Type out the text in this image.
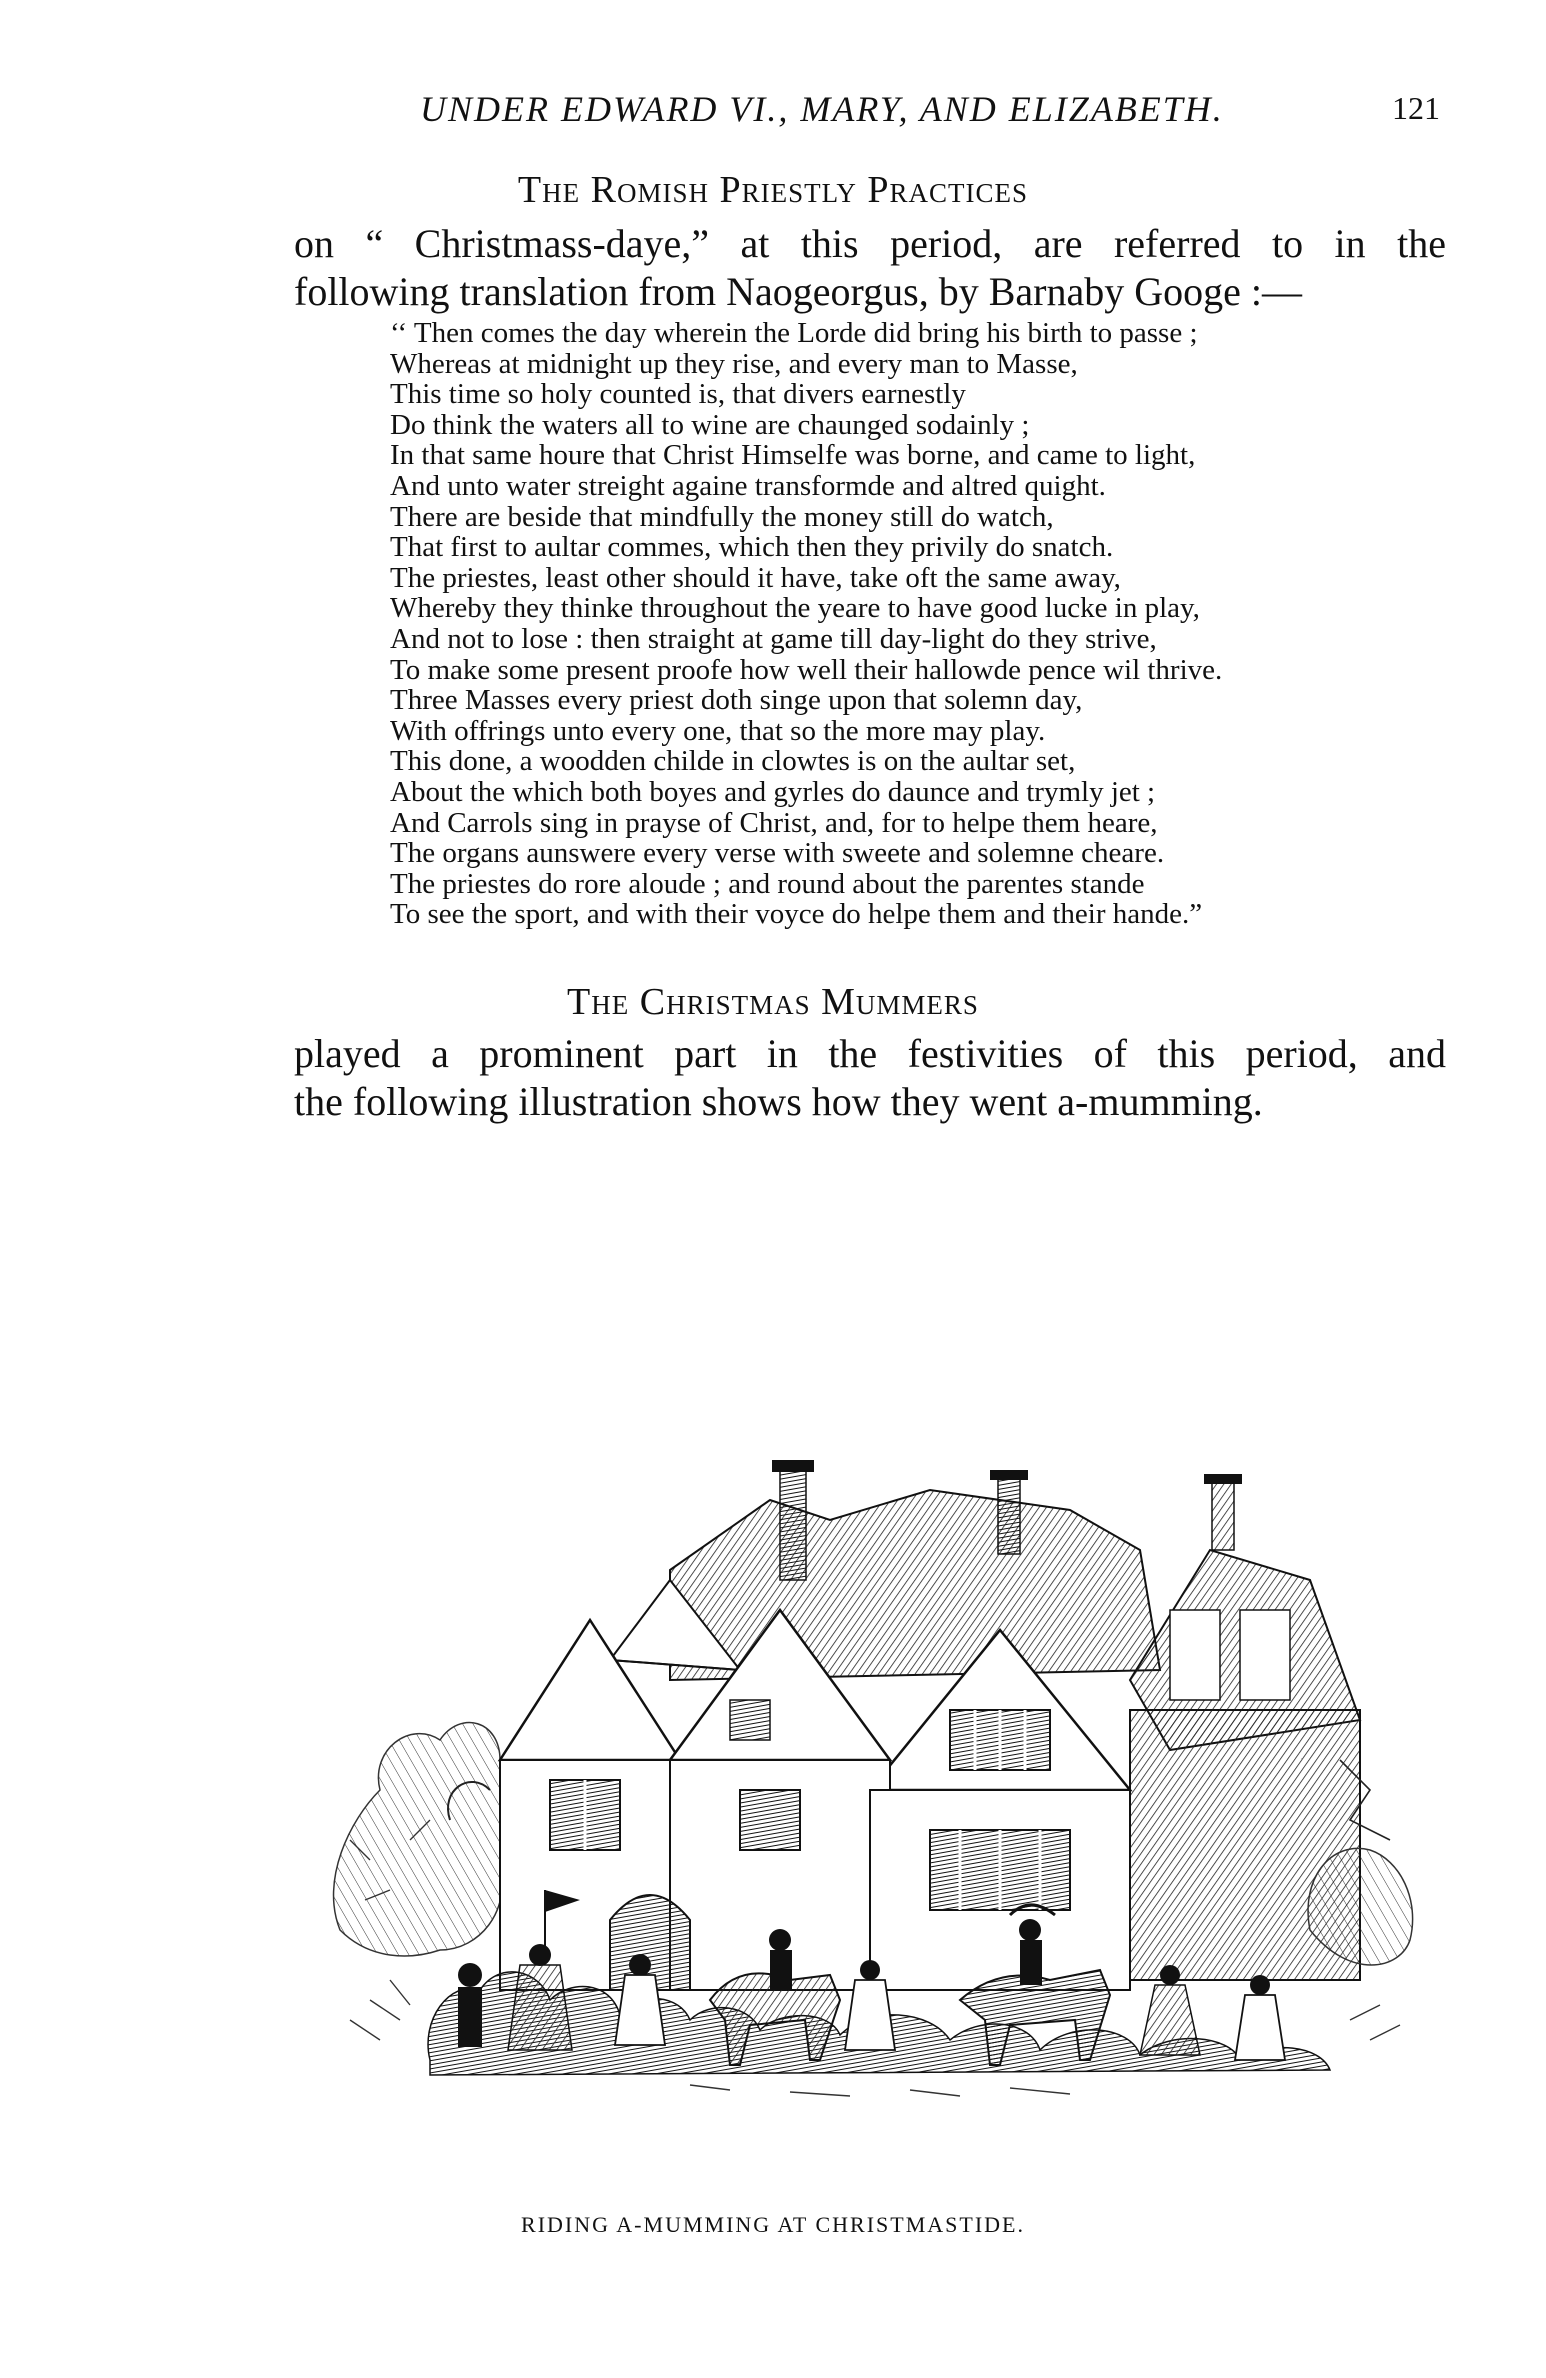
UNDER EDWARD VI., MARY, AND ELIZABETH.	121
The Romish Priestly Practices
on “ Christmass-daye,” at this period, are referred to in the
following translation from Naogeorgus, by Barnaby Googe :—
‘‘ Then comes the day wherein the Lorde did bring his birth to passe ;
Whereas at midnight up they rise, and every man to Masse,
This time so holy counted is, that divers earnestly
Do think the waters all to wine are chaunged sodainly ;
In that same houre that Christ Himselfe was borne, and came to light,
And unto water streight againe transformde and altred quight.
There are beside that mindfully the money still do watch,
That first to aultar commes, which then they privily do snatch.
The priestes, least other should it have, take oft the same away,
Whereby they thinke throughout the yeare to have good lucke in play,
And not to lose : then straight at game till day-light do they strive,
To make some present proofe how well their hallowde pence wil thrive.
Three Masses every priest doth singe upon that solemn day,
With offrings unto every one, that so the more may play.
This done, a woodden childe in clowtes is on the aultar set,
About the which both boyes and gyrles do daunce and trymly jet ;
And Carrols sing in prayse of Christ, and, for to helpe them heare,
The organs aunswere every verse with sweete and solemne cheare.
The priestes do rore aloude ; and round about the parentes stande
To see the sport, and with their voyce do helpe them and their hande.”
The Christmas Mummers
played a prominent part in the festivities of this period, and
the following illustration shows how they went a-mumming.
RIDING A-MUMMING AT CHRISTMASTIDE.
